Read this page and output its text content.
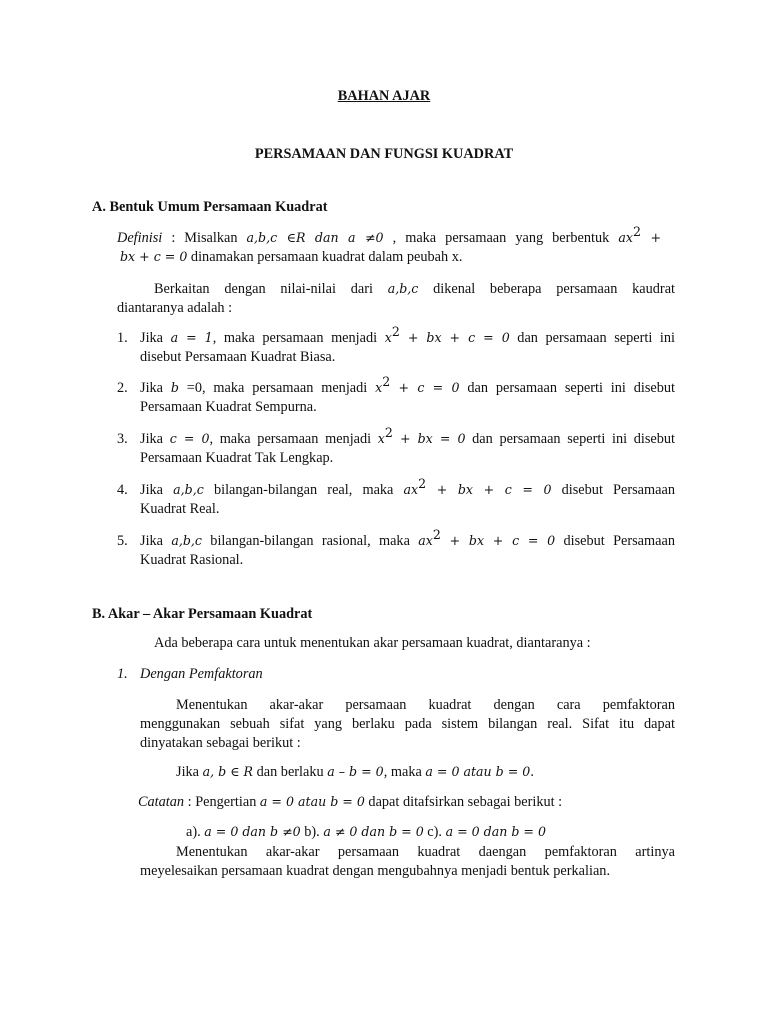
BAHAN AJAR
PERSAMAAN DAN FUNGSI KUADRAT
A. Bentuk Umum Persamaan Kuadrat
Definisi : Misalkan a,b,c ∈R dan a ≠0 , maka persamaan yang berbentuk $ax^2$ +
bx + c = 0 dinamakan persamaan kuadrat dalam peubah x.
Berkaitan dengan nilai-nilai dari a,b,c dikenal beberapa persamaan kaudrat
diantaranya adalah :
1. Jika a = 1, maka persamaan menjadi $x^2$ + bx + c = 0 dan persamaan seperti ini
disebut Persamaan Kuadrat Biasa.
2. Jika b =0, maka persamaan menjadi $x^2 + c = 0$ dan persamaan seperti ini disebut
Persamaan Kuadrat Sempurna.
3. Jika c = 0, maka persamaan menjadi $x^2$ + bx = 0 dan persamaan seperti ini disebut
Persamaan Kuadrat Tak Lengkap.
4. Jika a,b,c bilangan-bilangan real, maka $ax^2$ + bx + c = 0 disebut Persamaan
Kuadrat Real.
5. Jika a,b,c bilangan-bilangan rasional, maka $ax^2$ + bx + c = 0 disebut Persamaan
Kuadrat Rasional.
B. Akar – Akar Persamaan Kuadrat
Ada beberapa cara untuk menentukan akar persamaan kuadrat, diantaranya :
1. Dengan Pemfaktoran
Menentukan akar-akar persamaan kuadrat dengan cara pemfaktoran
menggunakan sebuah sifat yang berlaku pada sistem bilangan real. Sifat itu dapat
dinyatakan sebagai berikut :
Jika a, b ∈ R dan berlaku a – b = 0, maka a = 0 atau b = 0.
Catatan : Pengertian a = 0 atau b = 0 dapat ditafsirkan sebagai berikut :
a). a = 0 dan b ≠0 b). a ≠ 0 dan b = 0 c). a = 0 dan b = 0
Menentukan akar-akar persamaan kuadrat daengan pemfaktoran artinya
meyelesaikan persamaan kuadrat dengan mengubahnya menjadi bentuk perkalian.
